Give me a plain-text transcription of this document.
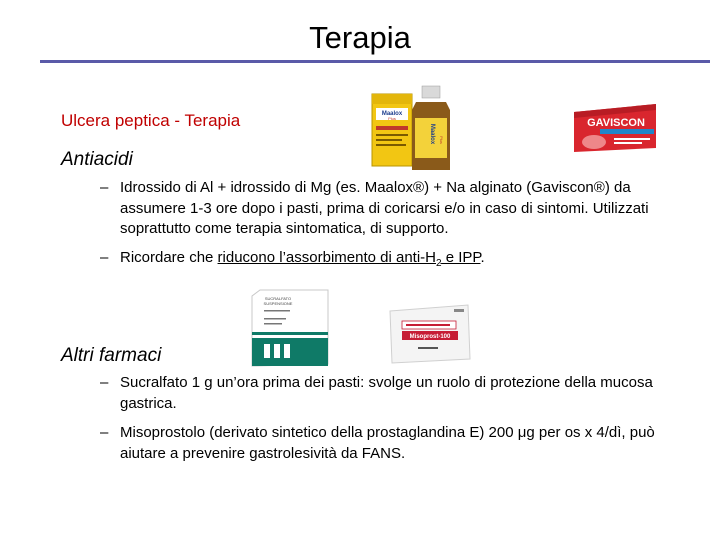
Terapia
Ulcera peptica - Terapia
Antiacidi
– Idrossido di Al + idrossido di Mg (es. Maalox®) + Na alginato (Gaviscon®) da assumere 1-3 ore dopo i pasti, prima di coricarsi e/o in caso di sintomi. Utilizzati soprattutto come terapia sintomatica, di supporto.
– Ricordare che riducono l’assorbimento di anti-$H_2$ e IPP.
Altri farmaci
– Sucralfato 1 g un’ora prima dei pasti: svolge un ruolo di protezione della mucosa gastrica.
– Misoprostolo (derivato sintetico della prostaglandina E) 200 μg per os x 4/dì, può aiutare a prevenire gastrolesività da FANS.
Maalox
Plus
Maalox Plus
GAVISCON
SUCRALFATO
SUSPENSIONE
Misoprost-100
